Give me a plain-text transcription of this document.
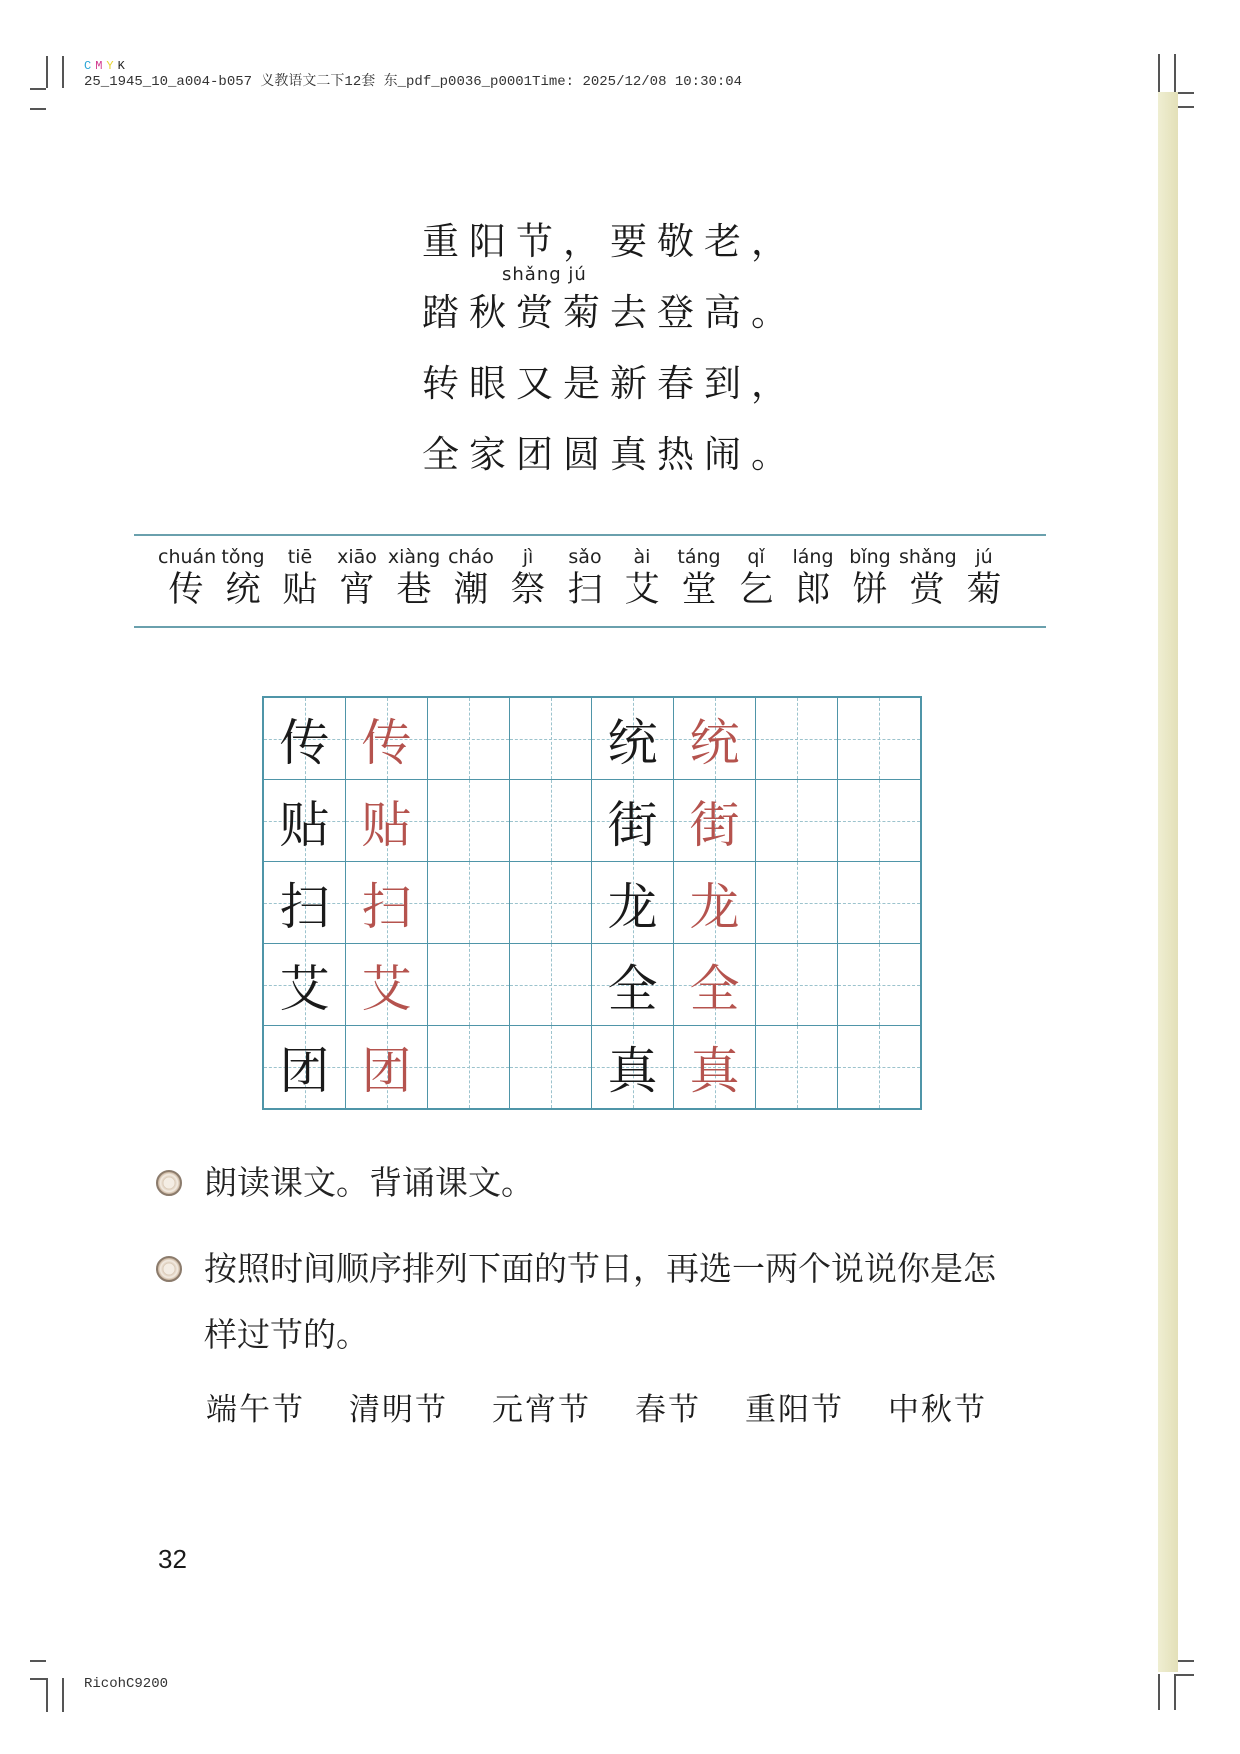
C M Y K
25_1945_10_a004-b057 义教语文二下12套 东_pdf_p0036_p0001Time: 2025/12/08 10:30:04
shǎng jú
重阳节，要敬老，
踏秋赏菊去登高。
转眼又是新春到，
全家团圆真热闹。
chuán
传
tǒng
统
tiē
贴
xiāo
宵
xiàng
巷
cháo
潮
jì
祭
sǎo
扫
ài
艾
táng
堂
qǐ
乞
láng
郎
bǐng
饼
shǎng
赏
jú
菊
传 传	统 统
贴 贴	街 街
扫 扫	龙 龙
艾 艾	全 全
团 团	真 真
朗读课文。背诵课文。
按照时间顺序排列下面的节日，再选一两个说说你是怎样过节的。
端午节 清明节 元宵节 春节 重阳节 中秋节
32
RicohC9200
